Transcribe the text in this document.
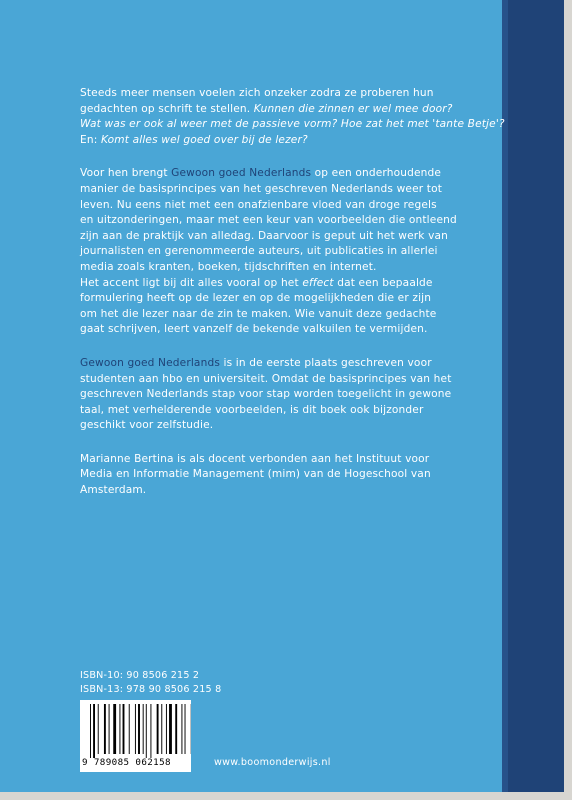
Steeds meer mensen voelen zich onzeker zodra ze proberen hun
gedachten op schrift te stellen. Kunnen die zinnen er wel mee door?
Wat was er ook al weer met de passieve vorm? Hoe zat het met 'tante Betje'?
En: Komt alles wel goed over bij de lezer?

Voor hen brengt Gewoon goed Nederlands op een onderhoudende
manier de basisprincipes van het geschreven Nederlands weer tot
leven. Nu eens niet met een onafzienbare vloed van droge regels
en uitzonderingen, maar met een keur van voorbeelden die ontleend
zijn aan de praktijk van alledag. Daarvoor is geput uit het werk van
journalisten en gerenommeerde auteurs, uit publicaties in allerlei
media zoals kranten, boeken, tijdschriften en internet.
Het accent ligt bij dit alles vooral op het effect dat een bepaalde
formulering heeft op de lezer en op de mogelijkheden die er zijn
om het die lezer naar de zin te maken. Wie vanuit deze gedachte
gaat schrijven, leert vanzelf de bekende valkuilen te vermijden.

Gewoon goed Nederlands is in de eerste plaats geschreven voor
studenten aan hbo en universiteit. Omdat de basisprincipes van het
geschreven Nederlands stap voor stap worden toegelicht in gewone
taal, met verhelderende voorbeelden, is dit boek ook bijzonder
geschikt voor zelfstudie.

Marianne Bertina is als docent verbonden aan het Instituut voor
Media en Informatie Management (mim) van de Hogeschool van
Amsterdam.

ISBN-10: 90 8506 215 2
ISBN-13: 978 90 8506 215 8
9 789085 062158	www.boomonderwijs.nl
